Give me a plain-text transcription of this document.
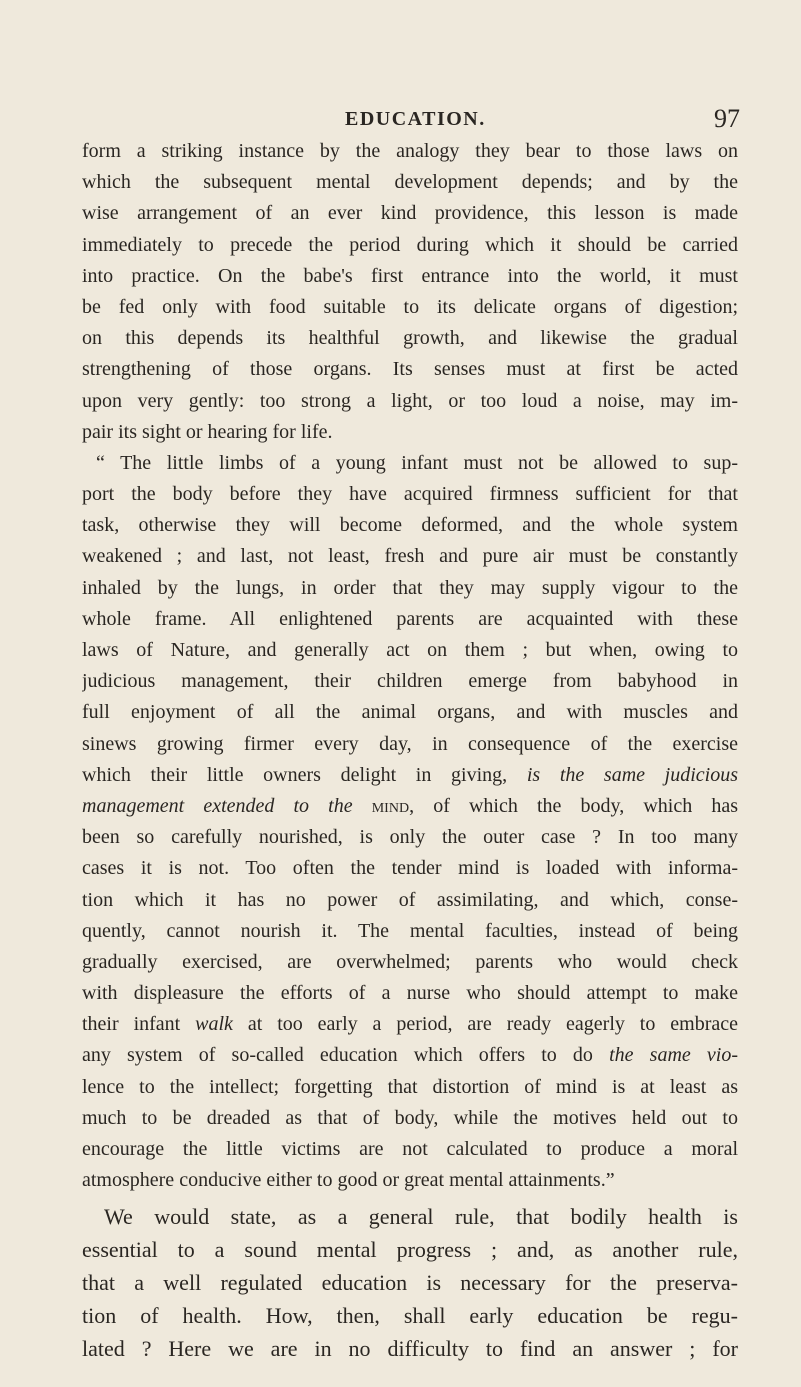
EDUCATION.	97
form a striking instance by the analogy they bear to those laws on
which the subsequent mental development depends; and by the
wise arrangement of an ever kind providence, this lesson is made
immediately to precede the period during which it should be carried
into practice. On the babe's first entrance into the world, it must
be fed only with food suitable to its delicate organs of digestion;
on this depends its healthful growth, and likewise the gradual
strengthening of those organs. Its senses must at first be acted
upon very gently: too strong a light, or too loud a noise, may im-
pair its sight or hearing for life.
“ The little limbs of a young infant must not be allowed to sup-
port the body before they have acquired firmness sufficient for that
task, otherwise they will become deformed, and the whole system
weakened ; and last, not least, fresh and pure air must be constantly
inhaled by the lungs, in order that they may supply vigour to the
whole frame. All enlightened parents are acquainted with these
laws of Nature, and generally act on them ; but when, owing to
judicious management, their children emerge from babyhood in
full enjoyment of all the animal organs, and with muscles and
sinews growing firmer every day, in consequence of the exercise
which their little owners delight in giving, is the same judicious
management extended to the mind, of which the body, which has
been so carefully nourished, is only the outer case ? In too many
cases it is not. Too often the tender mind is loaded with informa-
tion which it has no power of assimilating, and which, conse-
quently, cannot nourish it. The mental faculties, instead of being
gradually exercised, are overwhelmed; parents who would check
with displeasure the efforts of a nurse who should attempt to make
their infant walk at too early a period, are ready eagerly to embrace
any system of so-called education which offers to do the same vio-
lence to the intellect; forgetting that distortion of mind is at least as
much to be dreaded as that of body, while the motives held out to
encourage the little victims are not calculated to produce a moral
atmosphere conducive either to good or great mental attainments.”
We would state, as a general rule, that bodily health is
essential to a sound mental progress ; and, as another rule,
that a well regulated education is necessary for the preserva-
tion of health. How, then, shall early education be regu-
lated ? Here we are in no difficulty to find an answer ; for
